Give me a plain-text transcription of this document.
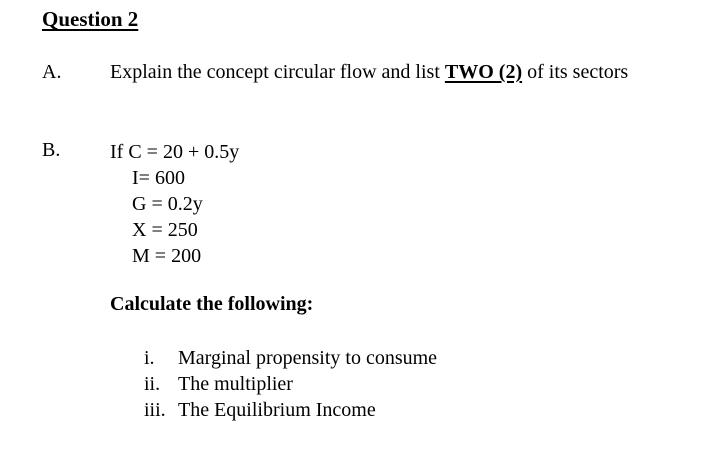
Question 2
A. Explain the concept circular flow and list TWO (2) of its sectors
B. If C = 20 + 0.5y
I= 600
G = 0.2y
X = 250
M = 200
Calculate the following:
i. Marginal propensity to consume
ii. The multiplier
iii. The Equilibrium Income
